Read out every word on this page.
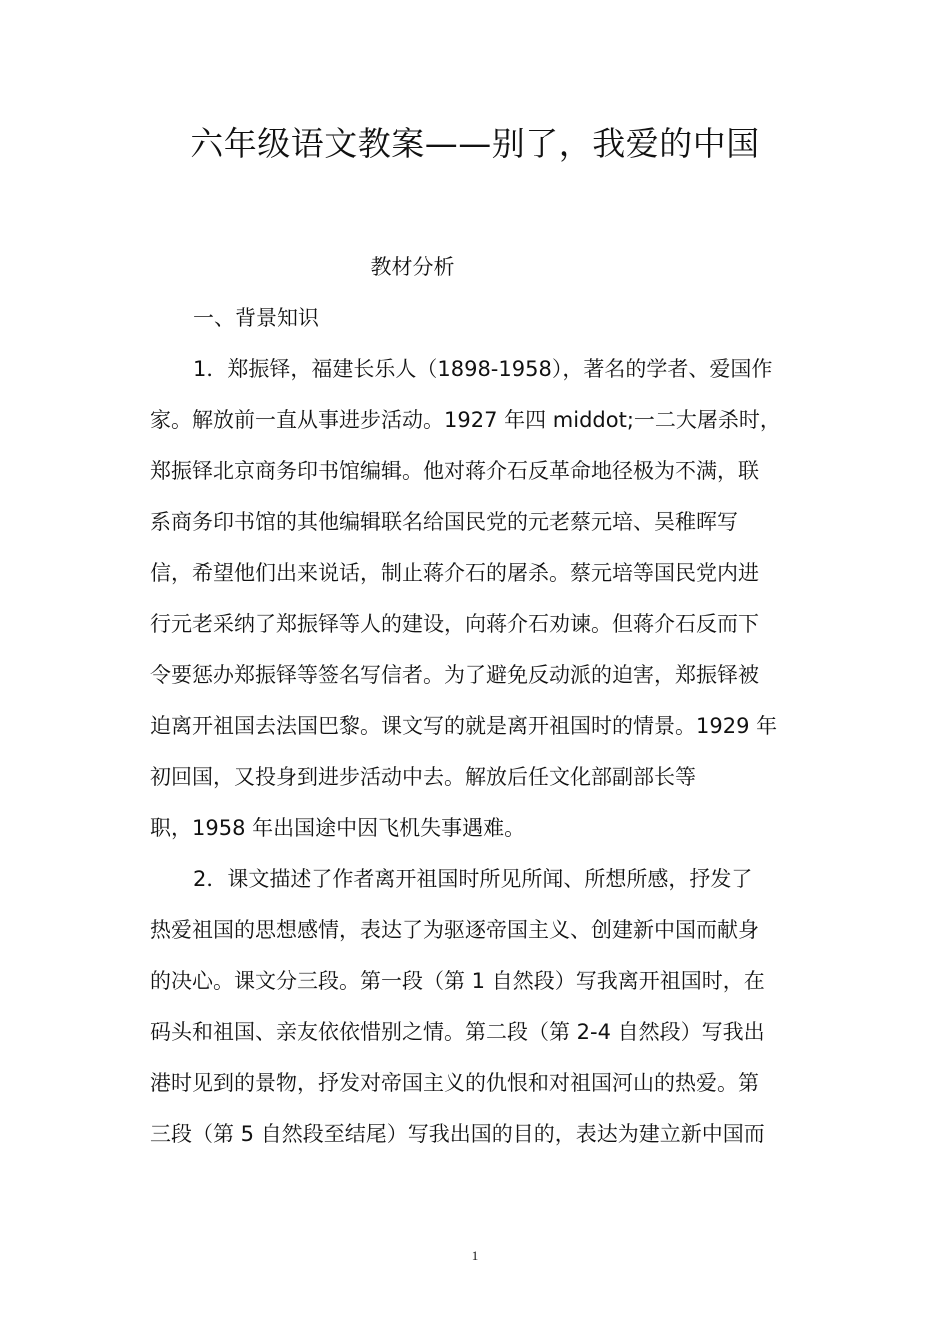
六年级语文教案——别了，我爱的中国
教材分析
一、背景知识
1．郑振铎，福建长乐人（1898-1958），著名的学者、爱国作
家。解放前一直从事进步活动。1927 年四 middot;一二大屠杀时，
郑振铎北京商务印书馆编辑。他对蒋介石反革命地径极为不满，联
系商务印书馆的其他编辑联名给国民党的元老蔡元培、吴稚晖写
信，希望他们出来说话，制止蒋介石的屠杀。蔡元培等国民党内进
行元老采纳了郑振铎等人的建设，向蒋介石劝谏。但蒋介石反而下
令要惩办郑振铎等签名写信者。为了避免反动派的迫害，郑振铎被
迫离开祖国去法国巴黎。课文写的就是离开祖国时的情景。1929 年
初回国，又投身到进步活动中去。解放后任文化部副部长等
职，1958 年出国途中因飞机失事遇难。
2．课文描述了作者离开祖国时所见所闻、所想所感，抒发了
热爱祖国的思想感情，表达了为驱逐帝国主义、创建新中国而献身
的决心。课文分三段。第一段（第 1 自然段）写我离开祖国时，在
码头和祖国、亲友依依惜别之情。第二段（第 2-4 自然段）写我出
港时见到的景物，抒发对帝国主义的仇恨和对祖国河山的热爱。第
三段（第 5 自然段至结尾）写我出国的目的，表达为建立新中国而
1
